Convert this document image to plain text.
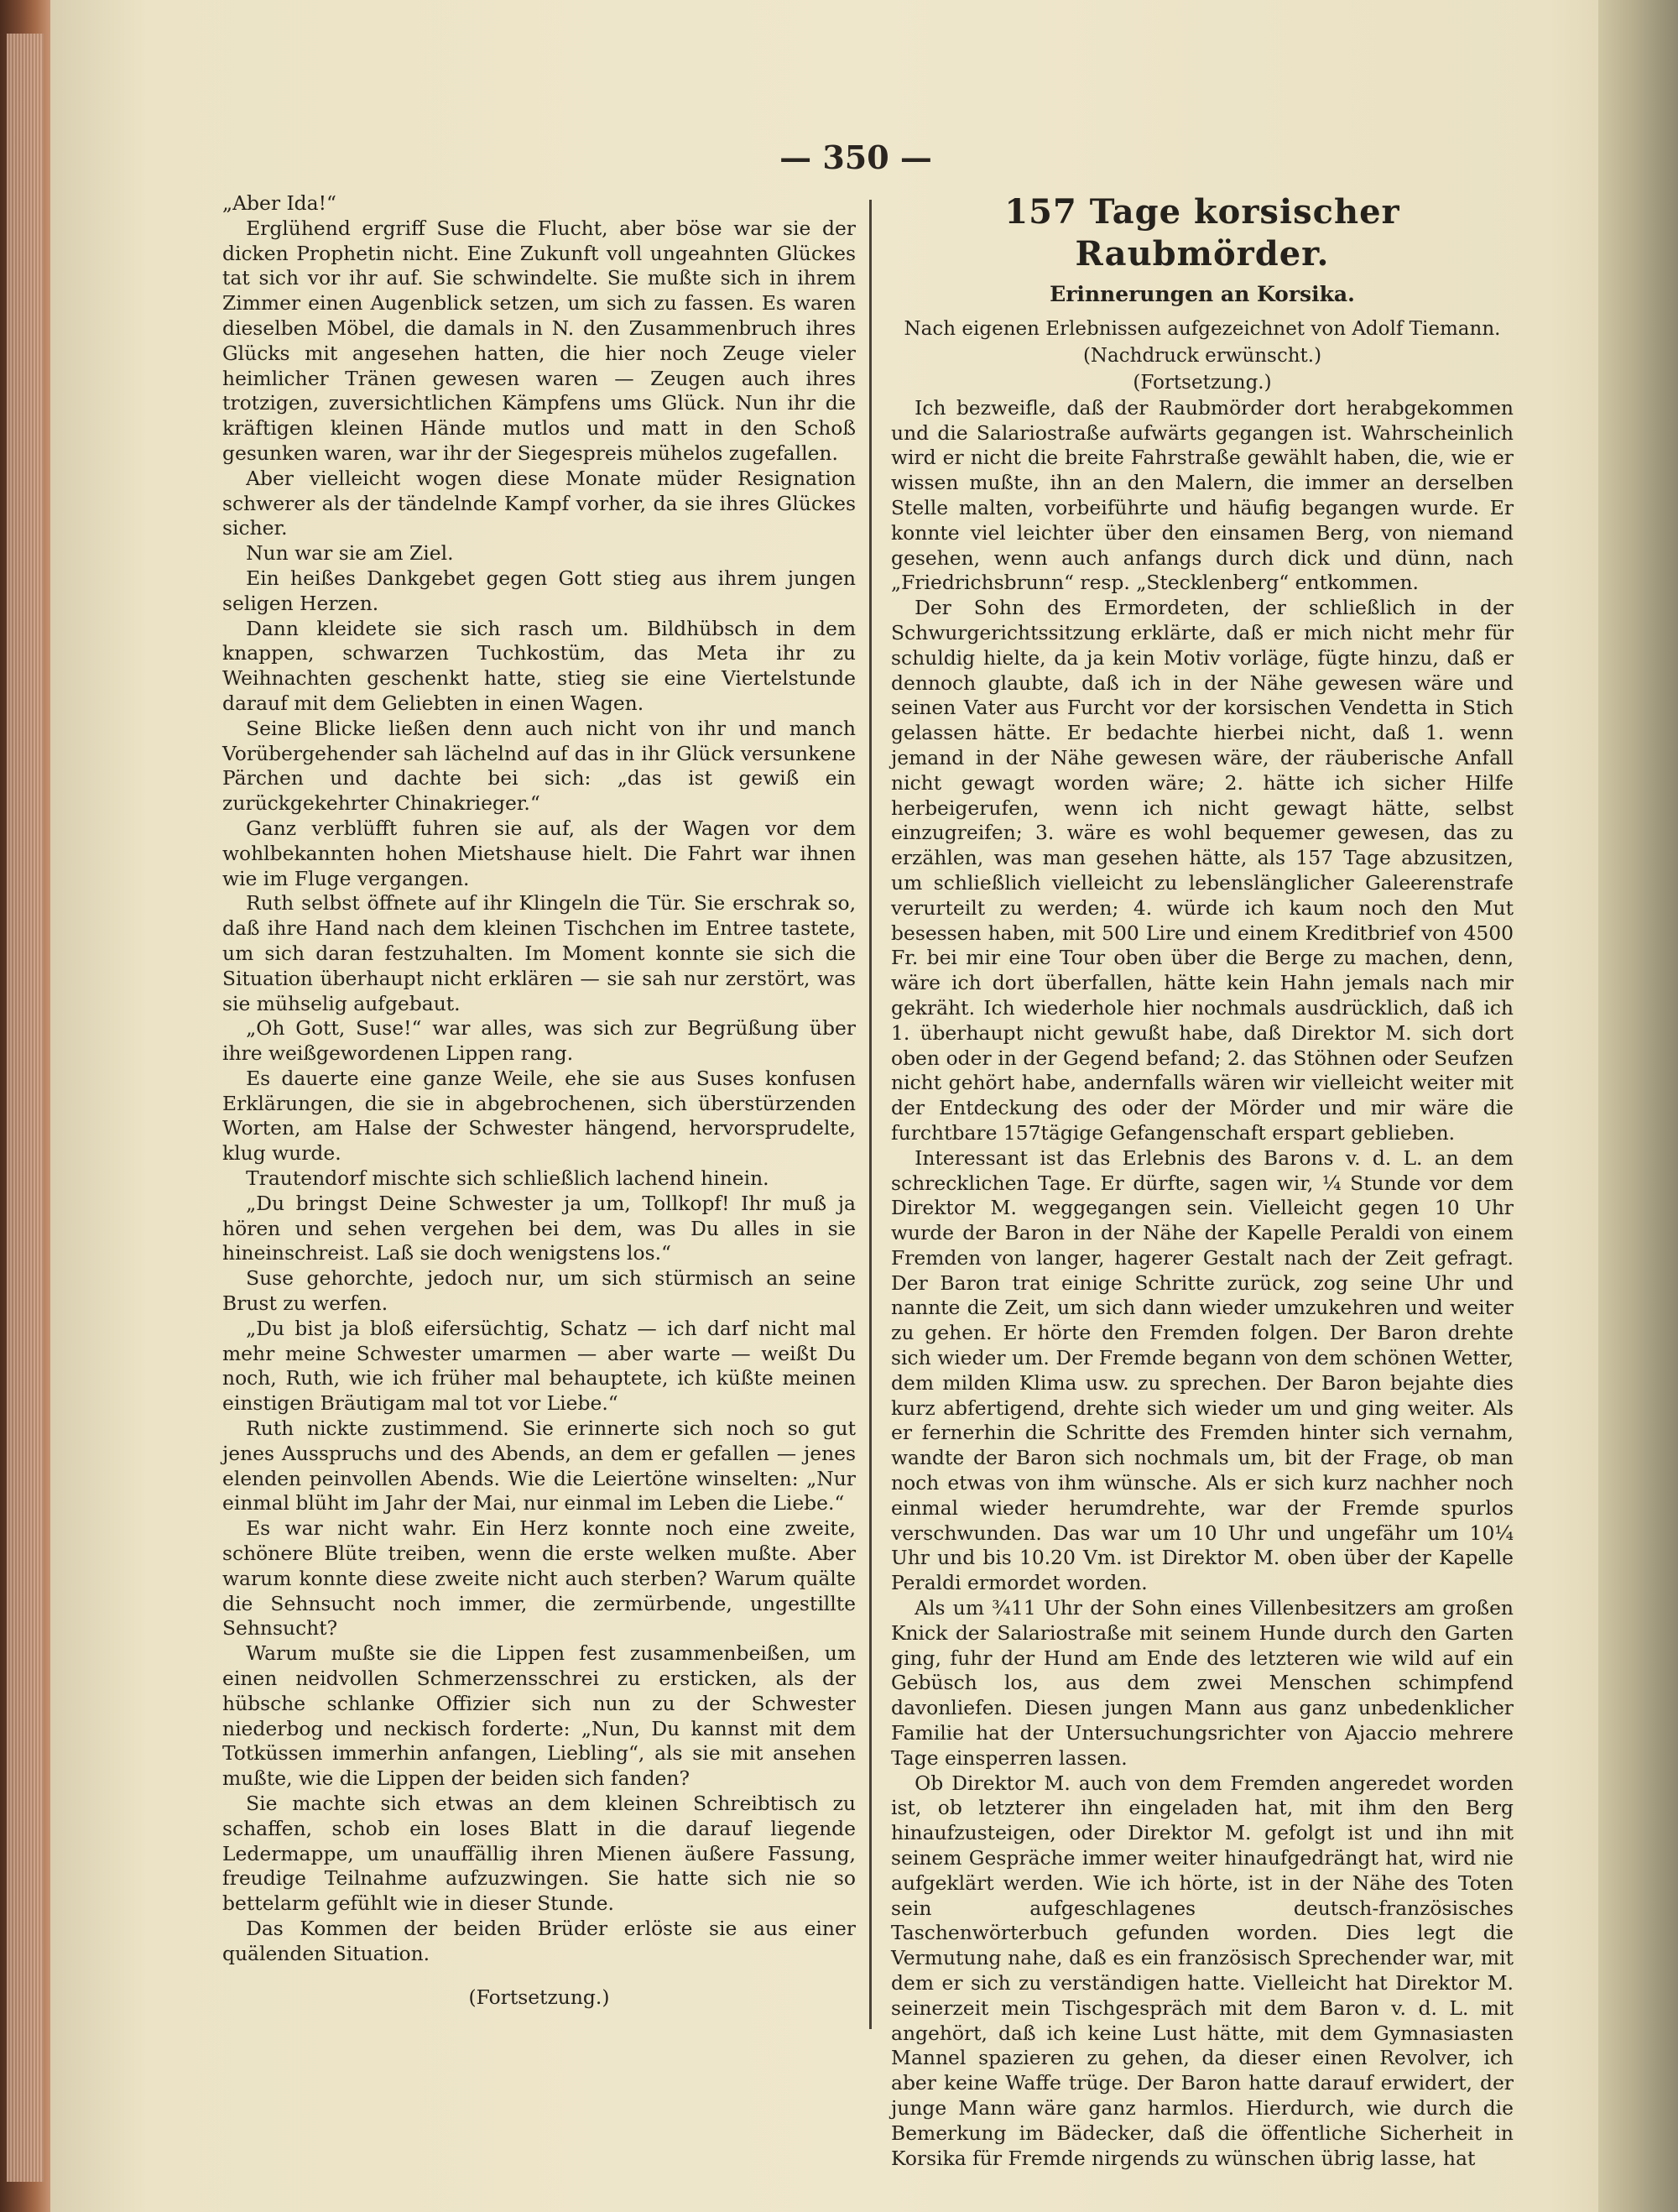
— 350 —

„Aber Ida!“

Erglühend ergriff Suse die Flucht, aber böse war sie der dicken Prophetin nicht. Eine Zukunft voll ungeahnten Glückes tat sich vor ihr auf. Sie schwindelte. Sie mußte sich in ihrem Zimmer einen Augenblick setzen, um sich zu fassen. Es waren dieselben Möbel, die damals in N. den Zusammenbruch ihres Glücks mit angesehen hatten, die hier noch Zeuge vieler heimlicher Tränen gewesen waren — Zeugen auch ihres trotzigen, zuversichtlichen Kämpfens ums Glück. Nun ihr die kräftigen kleinen Hände mutlos und matt in den Schoß gesunken waren, war ihr der Siegespreis mühelos zugefallen.

Aber vielleicht wogen diese Monate müder Resignation schwerer als der tändelnde Kampf vorher, da sie ihres Glückes sicher.

Nun war sie am Ziel.

Ein heißes Dankgebet gegen Gott stieg aus ihrem jungen seligen Herzen.

Dann kleidete sie sich rasch um. Bildhübsch in dem knappen, schwarzen Tuchkostüm, das Meta ihr zu Weihnachten geschenkt hatte, stieg sie eine Viertelstunde darauf mit dem Geliebten in einen Wagen.

Seine Blicke ließen denn auch nicht von ihr und manch Vorübergehender sah lächelnd auf das in ihr Glück versunkene Pärchen und dachte bei sich: „das ist gewiß ein zurückgekehrter Chinakrieger.“

Ganz verblüfft fuhren sie auf, als der Wagen vor dem wohlbekannten hohen Mietshause hielt. Die Fahrt war ihnen wie im Fluge vergangen.

Ruth selbst öffnete auf ihr Klingeln die Tür. Sie erschrak so, daß ihre Hand nach dem kleinen Tischchen im Entree tastete, um sich daran festzuhalten. Im Moment konnte sie sich die Situation überhaupt nicht erklären — sie sah nur zerstört, was sie mühselig aufgebaut.

„Oh Gott, Suse!“ war alles, was sich zur Begrüßung über ihre weißgewordenen Lippen rang.

Es dauerte eine ganze Weile, ehe sie aus Suses konfusen Erklärungen, die sie in abgebrochenen, sich überstürzenden Worten, am Halse der Schwester hängend, hervorsprudelte, klug wurde.

Trautendorf mischte sich schließlich lachend hinein.

„Du bringst Deine Schwester ja um, Tollkopf! Ihr muß ja hören und sehen vergehen bei dem, was Du alles in sie hineinschreist. Laß sie doch wenigstens los.“

Suse gehorchte, jedoch nur, um sich stürmisch an seine Brust zu werfen.

„Du bist ja bloß eifersüchtig, Schatz — ich darf nicht mal mehr meine Schwester umarmen — aber warte — weißt Du noch, Ruth, wie ich früher mal behauptete, ich küßte meinen einstigen Bräutigam mal tot vor Liebe.“

Ruth nickte zustimmend. Sie erinnerte sich noch so gut jenes Ausspruchs und des Abends, an dem er gefallen — jenes elenden peinvollen Abends. Wie die Leiertöne winselten: „Nur einmal blüht im Jahr der Mai, nur einmal im Leben die Liebe.“

Es war nicht wahr. Ein Herz konnte noch eine zweite, schönere Blüte treiben, wenn die erste welken mußte. Aber warum konnte diese zweite nicht auch sterben? Warum quälte die Sehnsucht noch immer, die zermürbende, ungestillte Sehnsucht?

Warum mußte sie die Lippen fest zusammenbeißen, um einen neidvollen Schmerzensschrei zu ersticken, als der hübsche schlanke Offizier sich nun zu der Schwester niederbog und neckisch forderte: „Nun, Du kannst mit dem Totküssen immerhin anfangen, Liebling“, als sie mit ansehen mußte, wie die Lippen der beiden sich fanden?

Sie machte sich etwas an dem kleinen Schreibtisch zu schaffen, schob ein loses Blatt in die darauf liegende Ledermappe, um unauffällig ihren Mienen äußere Fassung, freudige Teilnahme aufzuzwingen. Sie hatte sich nie so bettelarm gefühlt wie in dieser Stunde.

Das Kommen der beiden Brüder erlöste sie aus einer quälenden Situation.

(Fortsetzung.)

157 Tage korsischer Raubmörder.
Erinnerungen an Korsika.
Nach eigenen Erlebnissen aufgezeichnet von Adolf Tiemann.
(Nachdruck erwünscht.)
(Fortsetzung.)

Ich bezweifle, daß der Raubmörder dort herabgekommen und die Salariostraße aufwärts gegangen ist. Wahrscheinlich wird er nicht die breite Fahrstraße gewählt haben, die, wie er wissen mußte, ihn an den Malern, die immer an derselben Stelle malten, vorbeiführte und häufig begangen wurde. Er konnte viel leichter über den einsamen Berg, von niemand gesehen, wenn auch anfangs durch dick und dünn, nach „Friedrichsbrunn“ resp. „Stecklenberg“ entkommen.

Der Sohn des Ermordeten, der schließlich in der Schwurgerichtssitzung erklärte, daß er mich nicht mehr für schuldig hielte, da ja kein Motiv vorläge, fügte hinzu, daß er dennoch glaubte, daß ich in der Nähe gewesen wäre und seinen Vater aus Furcht vor der korsischen Vendetta in Stich gelassen hätte. Er bedachte hierbei nicht, daß 1. wenn jemand in der Nähe gewesen wäre, der räuberische Anfall nicht gewagt worden wäre; 2. hätte ich sicher Hilfe herbeigerufen, wenn ich nicht gewagt hätte, selbst einzugreifen; 3. wäre es wohl bequemer gewesen, das zu erzählen, was man gesehen hätte, als 157 Tage abzusitzen, um schließlich vielleicht zu lebenslänglicher Galeerenstrafe verurteilt zu werden; 4. würde ich kaum noch den Mut besessen haben, mit 500 Lire und einem Kreditbrief von 4500 Fr. bei mir eine Tour oben über die Berge zu machen, denn, wäre ich dort überfallen, hätte kein Hahn jemals nach mir gekräht. Ich wiederhole hier nochmals ausdrücklich, daß ich 1. überhaupt nicht gewußt habe, daß Direktor M. sich dort oben oder in der Gegend befand; 2. das Stöhnen oder Seufzen nicht gehört habe, andernfalls wären wir vielleicht weiter mit der Entdeckung des oder der Mörder und mir wäre die furchtbare 157tägige Gefangenschaft erspart geblieben.

Interessant ist das Erlebnis des Barons v. d. L. an dem schrecklichen Tage. Er dürfte, sagen wir, ¼ Stunde vor dem Direktor M. weggegangen sein. Vielleicht gegen 10 Uhr wurde der Baron in der Nähe der Kapelle Peraldi von einem Fremden von langer, hagerer Gestalt nach der Zeit gefragt. Der Baron trat einige Schritte zurück, zog seine Uhr und nannte die Zeit, um sich dann wieder umzukehren und weiter zu gehen. Er hörte den Fremden folgen. Der Baron drehte sich wieder um. Der Fremde begann von dem schönen Wetter, dem milden Klima usw. zu sprechen. Der Baron bejahte dies kurz abfertigend, drehte sich wieder um und ging weiter. Als er fernerhin die Schritte des Fremden hinter sich vernahm, wandte der Baron sich nochmals um, bit der Frage, ob man noch etwas von ihm wünsche. Als er sich kurz nachher noch einmal wieder herumdrehte, war der Fremde spurlos verschwunden. Das war um 10 Uhr und ungefähr um 10¼ Uhr und bis 10.20 Vm. ist Direktor M. oben über der Kapelle Peraldi ermordet worden.

Als um ¾11 Uhr der Sohn eines Villenbesitzers am großen Knick der Salariostraße mit seinem Hunde durch den Garten ging, fuhr der Hund am Ende des letzteren wie wild auf ein Gebüsch los, aus dem zwei Menschen schimpfend davonliefen. Diesen jungen Mann aus ganz unbedenklicher Familie hat der Untersuchungsrichter von Ajaccio mehrere Tage einsperren lassen.

Ob Direktor M. auch von dem Fremden angeredet worden ist, ob letzterer ihn eingeladen hat, mit ihm den Berg hinaufzusteigen, oder Direktor M. gefolgt ist und ihn mit seinem Gespräche immer weiter hinaufgedrängt hat, wird nie aufgeklärt werden. Wie ich hörte, ist in der Nähe des Toten sein aufgeschlagenes deutsch-französisches Taschenwörterbuch gefunden worden. Dies legt die Vermutung nahe, daß es ein französisch Sprechender war, mit dem er sich zu verständigen hatte. Vielleicht hat Direktor M. seinerzeit mein Tischgespräch mit dem Baron v. d. L. mit angehört, daß ich keine Lust hätte, mit dem Gymnasiasten Mannel spazieren zu gehen, da dieser einen Revolver, ich aber keine Waffe trüge. Der Baron hatte darauf erwidert, der junge Mann wäre ganz harmlos. Hierdurch, wie durch die Bemerkung im Bädecker, daß die öffentliche Sicherheit in Korsika für Fremde nirgends zu wünschen übrig lasse, hat
